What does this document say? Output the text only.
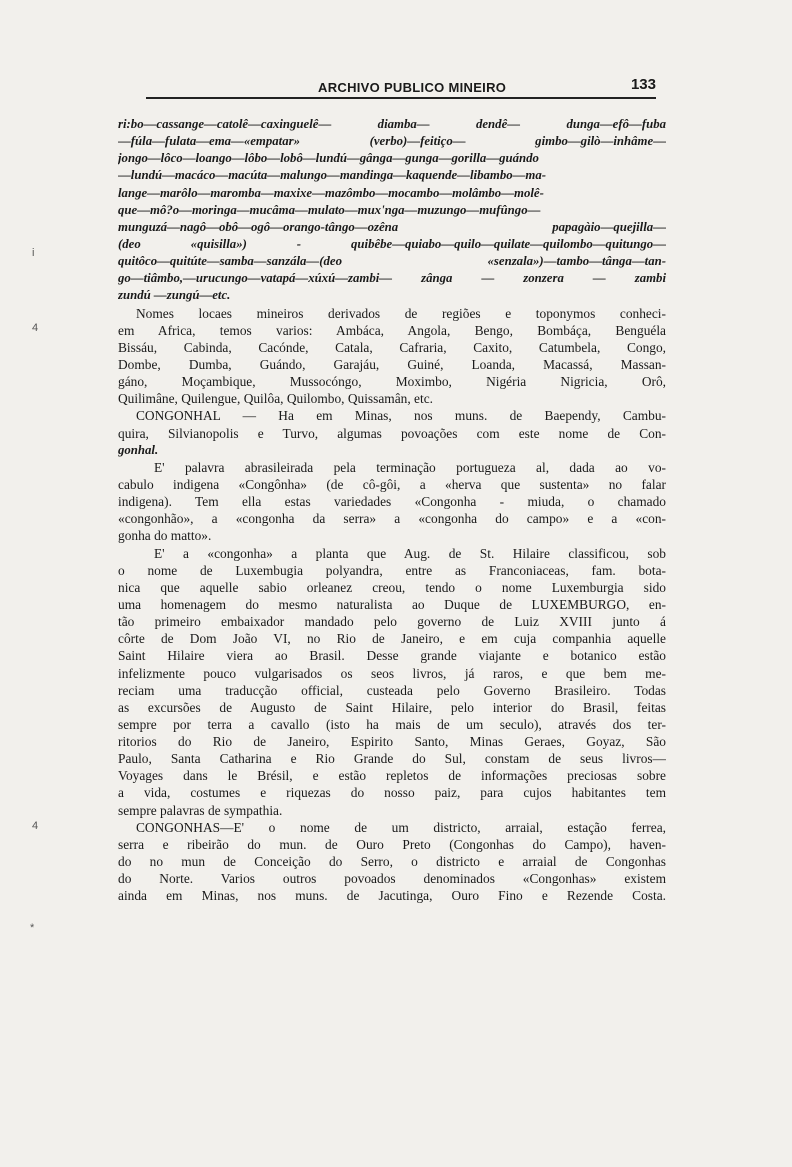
ARCHIVO PUBLICO MINEIRO	133
i
4
4
*
ri:bo—cassange—catolê—caxinguelê— diamba— dendê— dunga—efô—fuba
—fúla—fulata—ema—«empatar» (verbo)—feitiço— gimbo—gilò—inhâme—
jongo—lôco—loango—lôbo—lobô—lundú—gânga—gunga—gorilla—guándo
—lundú—macáco—macúta—malungo—mandinga—kaquende—libambo—ma-
lange—marôlo—maromba—maxixe—mazômbo—mocambo—molâmbo—molê-
que—mô?o—moringa—mucâma—mulato—mux'nga—muzungo—mufûngo—
munguzá—nagô—obô—ogô—orango-tângo—ozêna papagàio—quejilla—
(deo «quisilla») - quibêbe—quiabo—quilo—quilate—quilombo—quitungo—
quitôco—quitúte—samba—sanzála—(deo «senzala»)—tambo—tânga—tan-
go—tiâmbo,—urucungo—vatapá—xúxú—zambi— zânga — zonzera — zambi
zundú —zungú—etc.
Nomes locaes mineiros derivados de regiões e toponymos conheci-
em Africa, temos varios: Ambáca, Angola, Bengo, Bombáça, Benguéla
Bissáu, Cabinda, Cacónde, Catala, Cafraria, Caxito, Catumbela, Congo,
Dombe, Dumba, Guándo, Garajáu, Guiné, Loanda, Macassá, Massan-
gáno, Moçambique, Mussocóngo, Moximbo, Nigéria Nigricia, Orô,
Quilimâne, Quilengue, Quilôa, Quilombo, Quissamân, etc.
CONGONHAL — Ha em Minas, nos muns. de Baependy, Cambu-
quira, Silvianopolis e Turvo, algumas povoações com este nome de Con-
gonhal.
E' palavra abrasileirada pela terminação portugueza al, dada ao vo-
cabulo indigena «Congônha» (de cô-gôi, a «herva que sustenta» no falar
indigena). Tem ella estas variedades «Congonha - miuda, o chamado
«congonhão», a «congonha da serra» a «congonha do campo» e a «con-
gonha do matto».
E' a «congonha» a planta que Aug. de St. Hilaire classificou, sob
o nome de Luxembugia polyandra, entre as Franconiaceas, fam. bota-
nica que aquelle sabio orleanez creou, tendo o nome Luxemburgia sido
uma homenagem do mesmo naturalista ao Duque de LUXEMBURGO, en-
tão primeiro embaixador mandado pelo governo de Luiz XVIII junto á
côrte de Dom João VI, no Rio de Janeiro, e em cuja companhia aquelle
Saint Hilaire viera ao Brasil. Desse grande viajante e botanico estão
infelizmente pouco vulgarisados os seos livros, já raros, e que bem me-
reciam uma traducção official, custeada pelo Governo Brasileiro. Todas
as excursões de Augusto de Saint Hilaire, pelo interior do Brasil, feitas
sempre por terra a cavallo (isto ha mais de um seculo), através dos ter-
ritorios do Rio de Janeiro, Espirito Santo, Minas Geraes, Goyaz, São
Paulo, Santa Catharina e Rio Grande do Sul, constam de seus livros—
Voyages dans le Brésil, e estão repletos de informações preciosas sobre
a vida, costumes e riquezas do nosso paiz, para cujos habitantes tem
sempre palavras de sympathia.
CONGONHAS—E' o nome de um districto, arraial, estação ferrea,
serra e ribeirão do mun. de Ouro Preto (Congonhas do Campo), haven-
do no mun de Conceição do Serro, o districto e arraial de Congonhas
do Norte. Varios outros povoados denominados «Congonhas» existem
ainda em Minas, nos muns. de Jacutinga, Ouro Fino e Rezende Costa.
